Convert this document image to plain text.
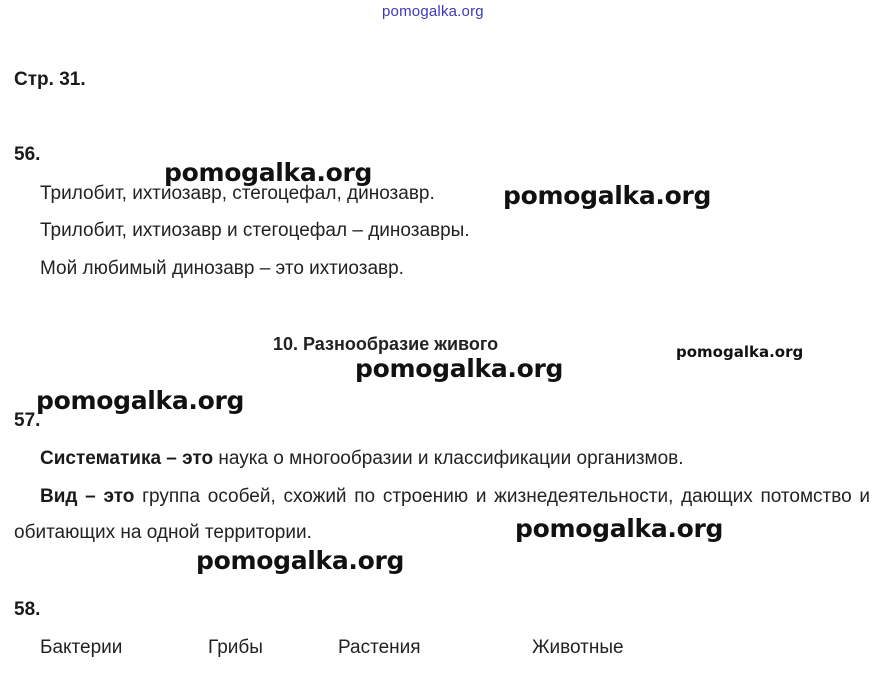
pomogalka.org
Стр. 31.
56.
Трилобит, ихтиозавр, стегоцефал, динозавр.
Трилобит, ихтиозавр и стегоцефал – динозавры.
Мой любимый динозавр – это ихтиозавр.
10. Разнообразие живого
57.
Систематика – это наука о многообразии и классификации организмов.
Вид – это группа особей, схожий по строению и жизнедеятельности, дающих потомство и обитающих на одной территории.
58.
Бактерии	Грибы	Растения	Животные
pomogalka.org
pomogalka.org
pomogalka.org
pomogalka.org
pomogalka.org
pomogalka.org
pomogalka.org
